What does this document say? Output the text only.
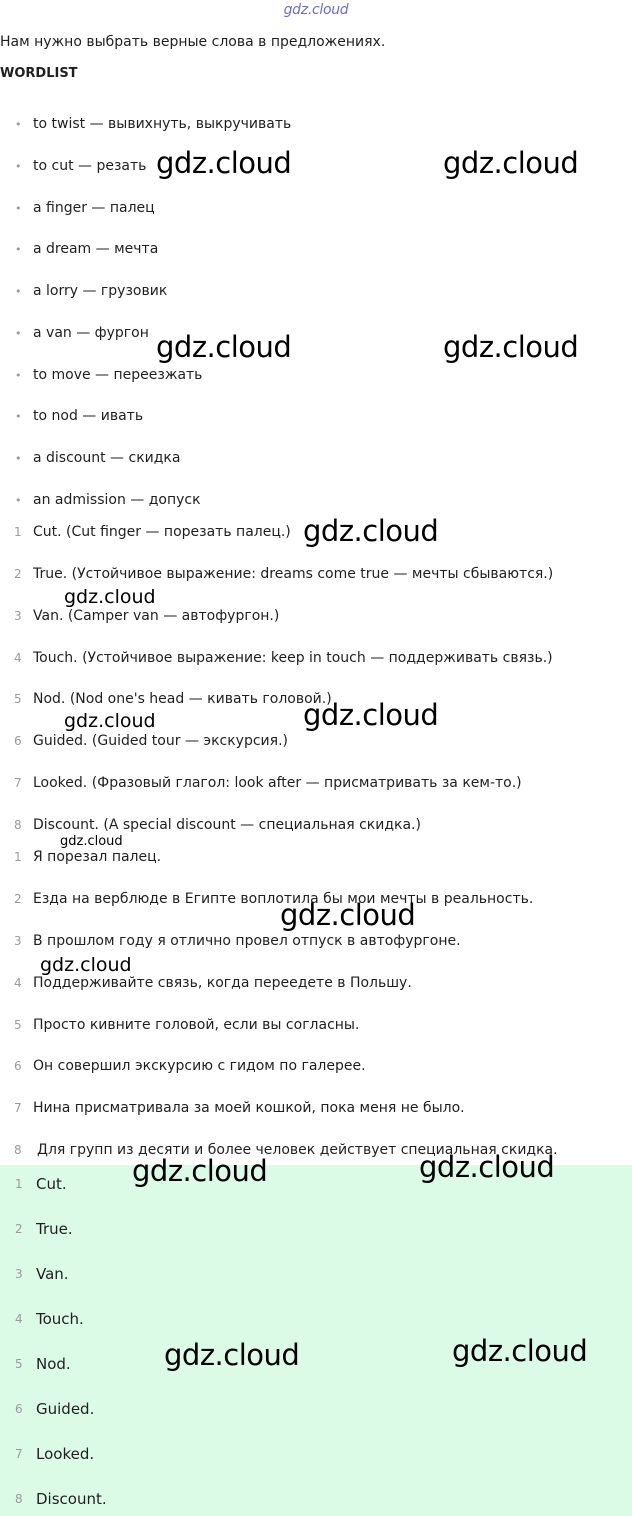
gdz.cloud
Нам нужно выбрать верные слова в предложениях.
WORDLIST
• to twist — вывихнуть, выкручивать
• to cut — резать
• a finger — палец
• a dream — мечта
• a lorry — грузовик
• a van — фургон
• to move — переезжать
• to nod — ивать
• a discount — скидка
• an admission — допуск
1 Cut. (Cut finger — порезать палец.)
2 True. (Устойчивое выражение: dreams come true — мечты сбываются.)
3 Van. (Camper van — автофургон.)
4 Touch. (Устойчивое выражение: keep in touch — поддерживать связь.)
5 Nod. (Nod one's head — кивать головой.)
6 Guided. (Guided tour — экскурсия.)
7 Looked. (Фразовый глагол: look after — присматривать за кем-то.)
8 Discount. (A special discount — специальная скидка.)
1 Я порезал палец.
2 Езда на верблюде в Египте воплотила бы мои мечты в реальность.
3 В прошлом году я отлично провел отпуск в автофургоне.
4 Поддерживайте связь, когда переедете в Польшу.
5 Просто кивните головой, если вы согласны.
6 Он совершил экскурсию с гидом по галерее.
7 Нина присматривала за моей кошкой, пока меня не было.
8 Для групп из десяти и более человек действует специальная скидка.
1 Cut.
2 True.
3 Van.
4 Touch.
5 Nod.
6 Guided.
7 Looked.
8 Discount.
gdz.cloud	gdz.cloud
gdz.cloud	gdz.cloud
gdz.cloud
gdz.cloud
gdz.cloud
gdz.cloud
gdz.cloud
gdz.cloud
gdz.cloud
gdz.cloud	gdz.cloud
gdz.cloud	gdz.cloud
